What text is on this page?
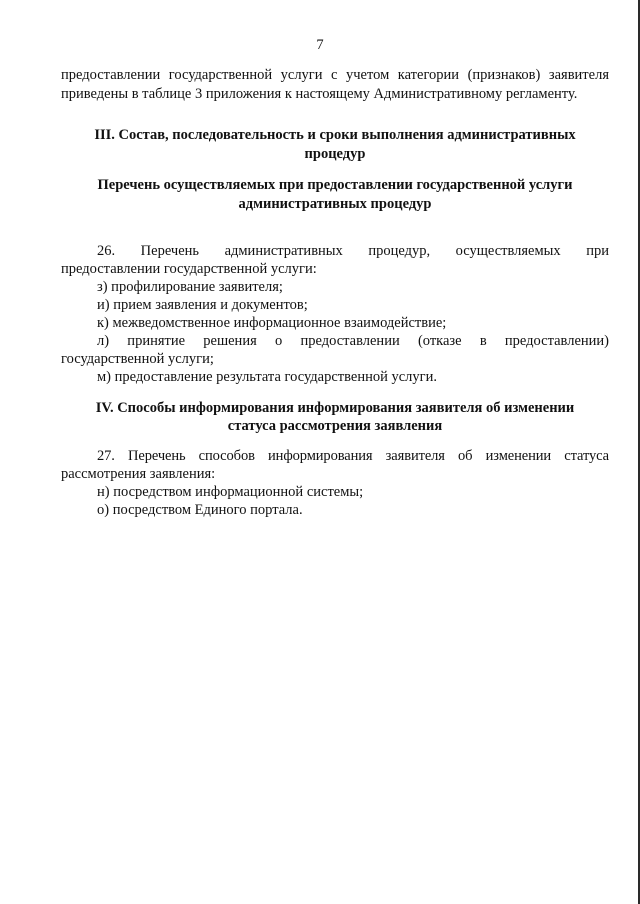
7
предоставлении государственной услуги с учетом категории (признаков) заявителя
приведены в таблице 3 приложения к настоящему Административному регламенту.
III. Состав, последовательность и сроки выполнения административных
процедур
Перечень осуществляемых при предоставлении государственной услуги
административных процедур
26. Перечень административных процедур, осуществляемых при
предоставлении государственной услуги:
з) профилирование заявителя;
и) прием заявления и документов;
к) межведомственное информационное взаимодействие;
л) принятие решения о предоставлении (отказе в предоставлении)
государственной услуги;
м) предоставление результата государственной услуги.
IV. Способы информирования информирования заявителя об изменении
статуса рассмотрения заявления
27. Перечень способов информирования заявителя об изменении статуса
рассмотрения заявления:
н) посредством информационной системы;
о) посредством Единого портала.
